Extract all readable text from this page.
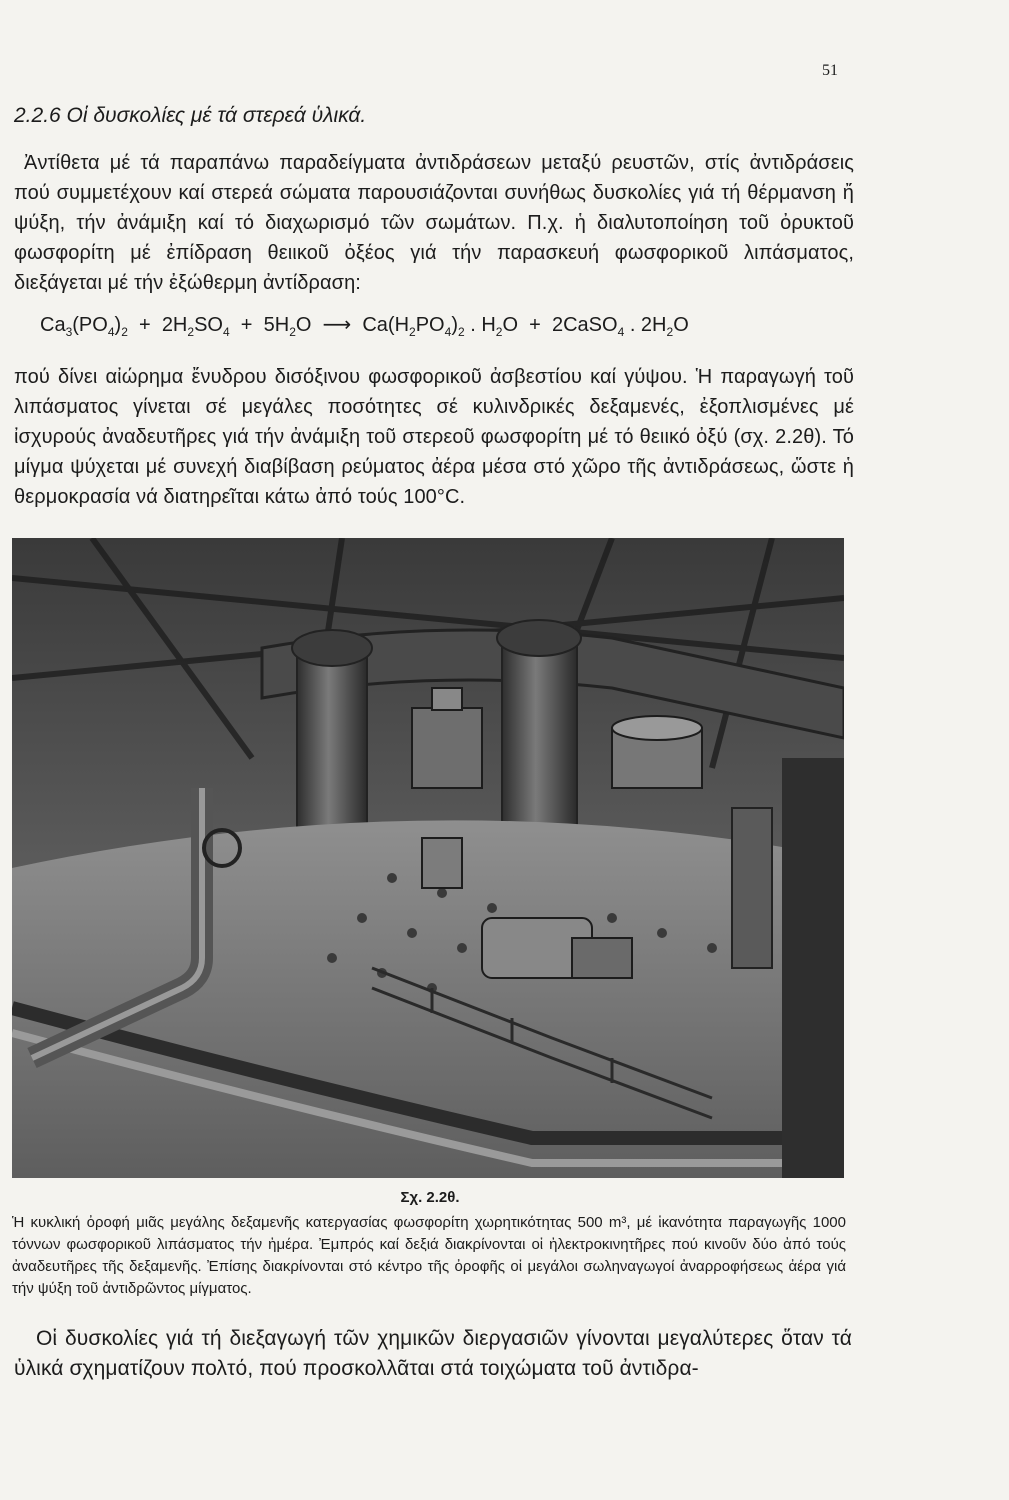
51
2.2.6 Οἱ δυσκολίες μέ τά στερεά ὑλικά.

Ἀντίθετα μέ τά παραπάνω παραδείγματα ἀντιδράσεων μεταξύ ρευστῶν, στίς ἀντιδράσεις πού συμμετέχουν καί στερεά σώματα παρουσιάζονται συνήθως δυσκολίες γιά τή θέρμανση ἤ ψύξη, τήν ἀνάμιξη καί τό διαχωρισμό τῶν σωμάτων. Π.χ. ἡ διαλυτοποίηση τοῦ ὀρυκτοῦ φωσφορίτη μέ ἐπίδραση θειικοῦ ὀξέος γιά τήν παρασκευή φωσφορικοῦ λιπάσματος, διεξάγεται μέ τήν ἐξώθερμη ἀντίδραση:

$Ca_3(PO_4)_2 + 2H_2SO_4 + 5H_2O$ ⟶ $Ca(H_2PO_4)_2$ . $H_2O$ + 2CaSO$_4$ . $2H_2O$

πού δίνει αἰώρημα ἔνυδρου δισόξινου φωσφορικοῦ ἀσβεστίου καί γύψου. Ἡ παραγωγή τοῦ λιπάσματος γίνεται σέ μεγάλες ποσότητες σέ κυλινδρικές δεξαμενές, ἐξοπλισμένες μέ ἰσχυρούς ἀναδευτῆρες γιά τήν ἀνάμιξη τοῦ στερεοῦ φωσφορίτη μέ τό θειικό ὀξύ (σχ. 2.2θ). Τό μίγμα ψύχεται μέ συνεχή διαβίβαση ρεύματος ἀέρα μέσα στό χῶρο τῆς ἀντιδράσεως, ὥστε ἡ θερμοκρασία νά διατηρεῖται κάτω ἀπό τούς 100°C.

Σχ. 2.2θ.

Ἡ κυκλική ὀροφή μιᾶς μεγάλης δεξαμενῆς κατεργασίας φωσφορίτη χωρητικότητας 500 m³, μέ ἱκανότητα παραγωγῆς 1000 τόννων φωσφορικοῦ λιπάσματος τήν ἡμέρα. Ἐμπρός καί δεξιά διακρίνονται οἱ ἠλεκτροκινητῆρες πού κινοῦν δύο ἀπό τούς ἀναδευτῆρες τῆς δεξαμενῆς. Ἐπίσης διακρίνονται στό κέντρο τῆς ὀροφῆς οἱ μεγάλοι σωληναγωγοί ἀναρροφήσεως ἀέρα γιά τήν ψύξη τοῦ ἀντιδρῶντος μίγματος.

Οἱ δυσκολίες γιά τή διεξαγωγή τῶν χημικῶν διεργασιῶν γίνονται μεγαλύτερες ὅταν τά ὑλικά σχηματίζουν πολτό, πού προσκολλᾶται στά τοιχώματα τοῦ ἀντιδρα-
